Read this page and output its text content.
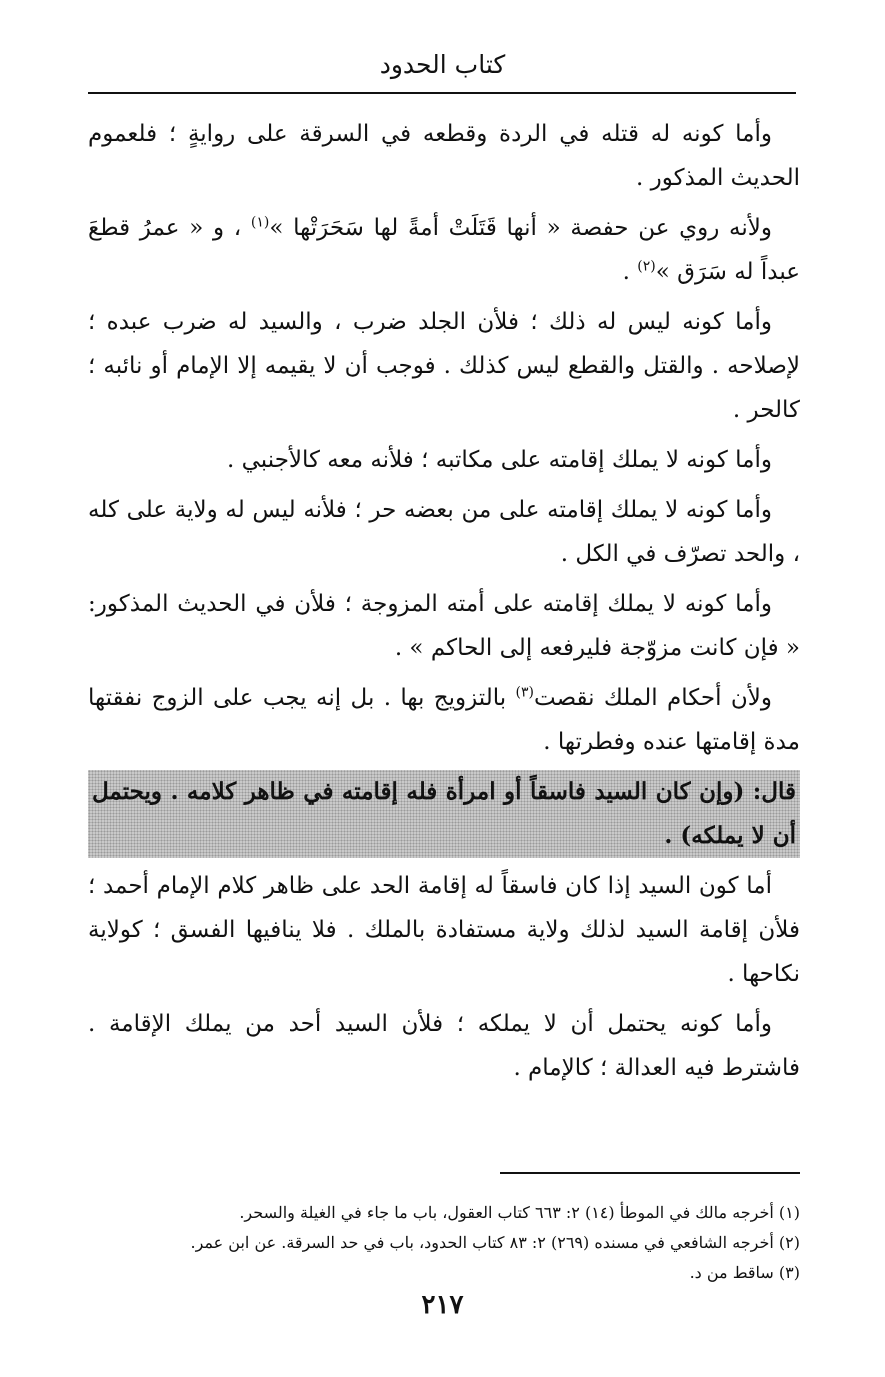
كتاب الحدود

وأما كونه له قتله في الردة وقطعه في السرقة على روايةٍ ؛ فلعموم الحديث المذكور .

ولأنه روي عن حفصة « أنها قَتَلَتْ أمةً لها سَحَرَتْها »$^{(١)}$ ، و « عمرُ قطعَ عبداً له سَرَق »$^{(٢)}$ .

وأما كونه ليس له ذلك ؛ فلأن الجلد ضرب ، والسيد له ضرب عبده ؛ لإصلاحه . والقتل والقطع ليس كذلك . فوجب أن لا يقيمه إلا الإمام أو نائبه ؛ كالحر .

وأما كونه لا يملك إقامته على مكاتبه ؛ فلأنه معه كالأجنبي .

وأما كونه لا يملك إقامته على من بعضه حر ؛ فلأنه ليس له ولاية على كله ، والحد تصرّف في الكل .

وأما كونه لا يملك إقامته على أمته المزوجة ؛ فلأن في الحديث المذكور: « فإن كانت مزوّجة فليرفعه إلى الحاكم » .

ولأن أحكام الملك نقصت$^{(٣)}$ بالتزويج بها . بل إنه يجب على الزوج نفقتها مدة إقامتها عنده وفطرتها .

قال: (وإن كان السيد فاسقاً أو امرأة فله إقامته في ظاهر كلامه . ويحتمل أن لا يملكه) .

أما كون السيد إذا كان فاسقاً له إقامة الحد على ظاهر كلام الإمام أحمد ؛ فلأن إقامة السيد لذلك ولاية مستفادة بالملك . فلا ينافيها الفسق ؛ كولاية نكاحها .

وأما كونه يحتمل أن لا يملكه ؛ فلأن السيد أحد من يملك الإقامة . فاشترط فيه العدالة ؛ كالإمام .

(١) أخرجه مالك في الموطأ (١٤) ٢: ٦٦٣ كتاب العقول، باب ما جاء في الغيلة والسحر.
(٢) أخرجه الشافعي في مسنده (٢٦٩) ٢: ٨٣ كتاب الحدود، باب في حد السرقة. عن ابن عمر.
(٣) ساقط من د.
٢١٧
